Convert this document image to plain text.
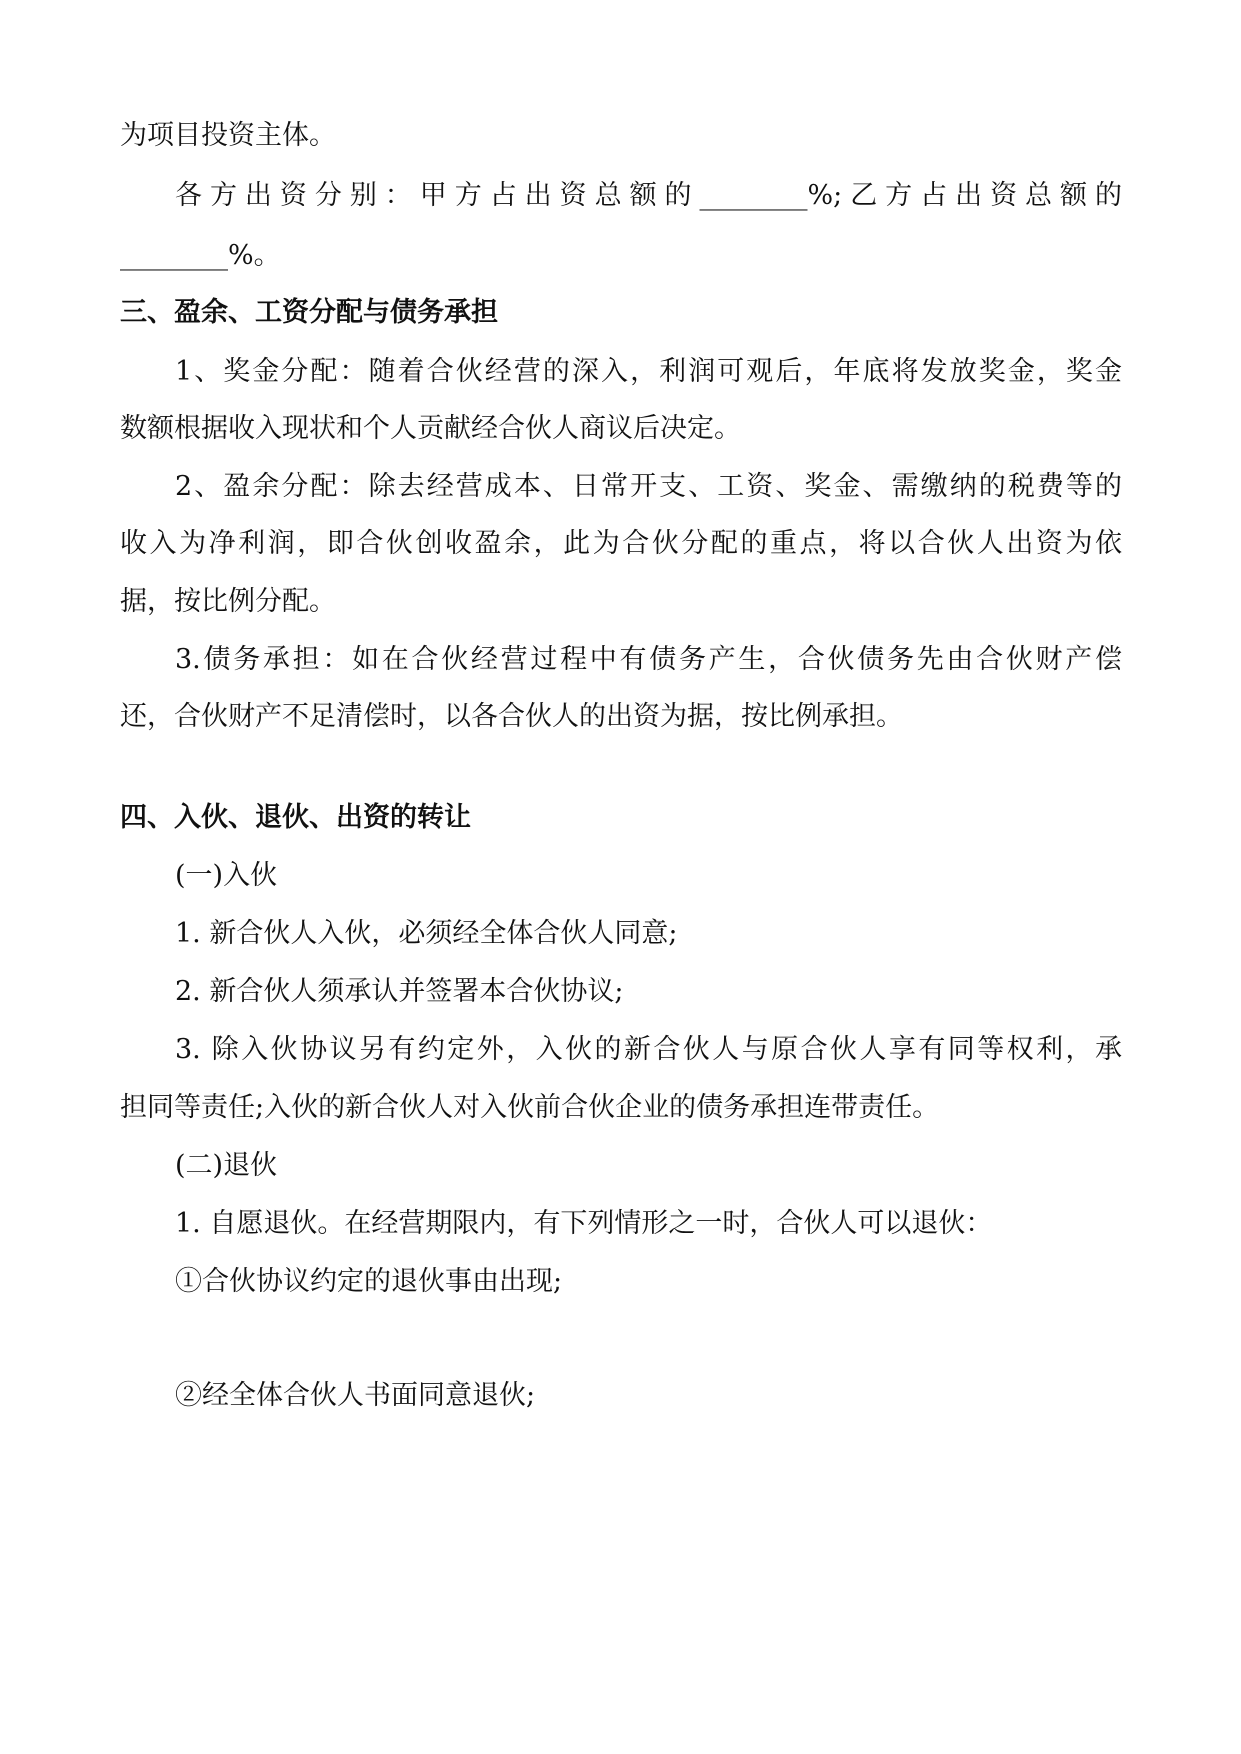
为项目投资主体。
各方出资分别：甲方占出资总额的________%;乙方占出资总额的
________%。
三、盈余、工资分配与债务承担
1、奖金分配：随着合伙经营的深入，利润可观后，年底将发放奖金，奖金
数额根据收入现状和个人贡献经合伙人商议后决定。
2、盈余分配：除去经营成本、日常开支、工资、奖金、需缴纳的税费等的
收入为净利润，即合伙创收盈余，此为合伙分配的重点，将以合伙人出资为依
据，按比例分配。
3.债务承担：如在合伙经营过程中有债务产生，合伙债务先由合伙财产偿
还，合伙财产不足清偿时，以各合伙人的出资为据，按比例承担。
四、入伙、退伙、出资的转让
(一)入伙
1. 新合伙人入伙，必须经全体合伙人同意;
2. 新合伙人须承认并签署本合伙协议;
3. 除入伙协议另有约定外，入伙的新合伙人与原合伙人享有同等权利，承
担同等责任;入伙的新合伙人对入伙前合伙企业的债务承担连带责任。
(二)退伙
1. 自愿退伙。在经营期限内，有下列情形之一时，合伙人可以退伙：
①合伙协议约定的退伙事由出现;
②经全体合伙人书面同意退伙;
